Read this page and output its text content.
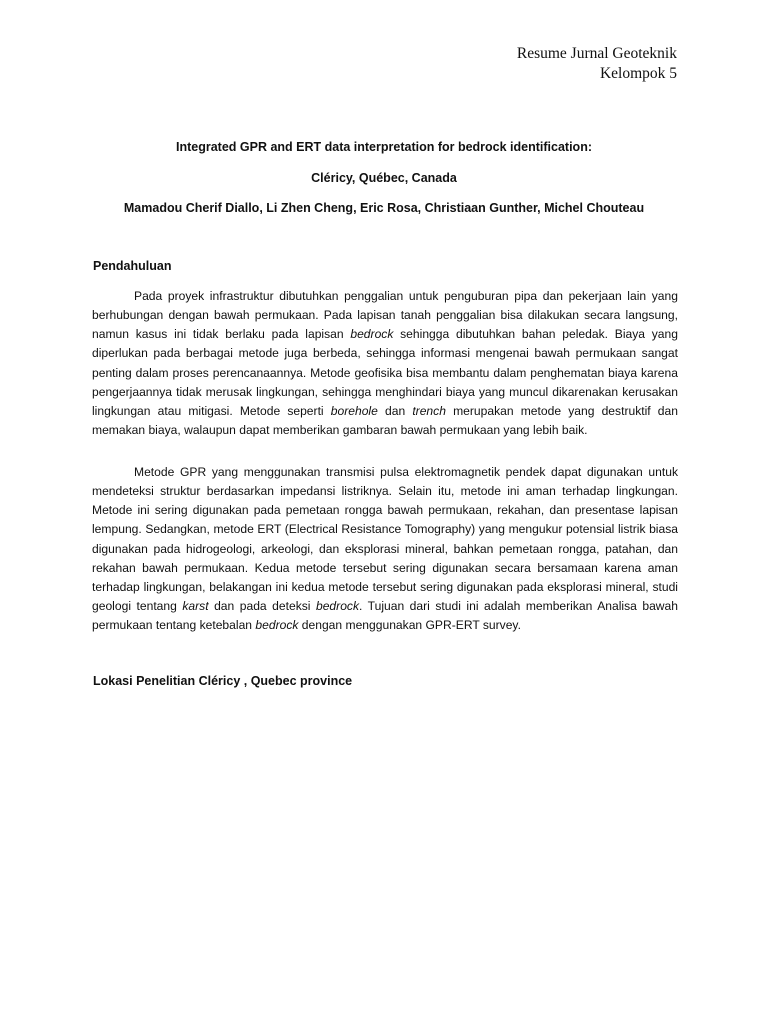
Resume Jurnal Geoteknik
Kelompok 5
Integrated GPR and ERT data interpretation for bedrock identification:
Cléricy, Québec, Canada
Mamadou Cherif Diallo, Li Zhen Cheng, Eric Rosa, Christiaan Gunther, Michel Chouteau
Pendahuluan

Pada proyek infrastruktur dibutuhkan penggalian untuk penguburan pipa dan pekerjaan lain yang berhubungan dengan bawah permukaan. Pada lapisan tanah penggalian bisa dilakukan secara langsung, namun kasus ini tidak berlaku pada lapisan bedrock sehingga dibutuhkan bahan peledak. Biaya yang diperlukan pada berbagai metode juga berbeda, sehingga informasi mengenai bawah permukaan sangat penting dalam proses perencanaannya. Metode geofisika bisa membantu dalam penghematan biaya karena pengerjaannya tidak merusak lingkungan, sehingga menghindari biaya yang muncul dikarenakan kerusakan lingkungan atau mitigasi. Metode seperti borehole dan trench merupakan metode yang destruktif dan memakan biaya, walaupun dapat memberikan gambaran bawah permukaan yang lebih baik.

Metode GPR yang menggunakan transmisi pulsa elektromagnetik pendek dapat digunakan untuk mendeteksi struktur berdasarkan impedansi listriknya. Selain itu, metode ini aman terhadap lingkungan. Metode ini sering digunakan pada pemetaan rongga bawah permukaan, rekahan, dan presentase lapisan lempung. Sedangkan, metode ERT (Electrical Resistance Tomography) yang mengukur potensial listrik biasa digunakan pada hidrogeologi, arkeologi, dan eksplorasi mineral, bahkan pemetaan rongga, patahan, dan rekahan bawah permukaan. Kedua metode tersebut sering digunakan secara bersamaan karena aman terhadap lingkungan, belakangan ini kedua metode tersebut sering digunakan pada eksplorasi mineral, studi geologi tentang karst dan pada deteksi bedrock. Tujuan dari studi ini adalah memberikan Analisa bawah permukaan tentang ketebalan bedrock dengan menggunakan GPR-ERT survey.

Lokasi Penelitian Cléricy , Quebec province
